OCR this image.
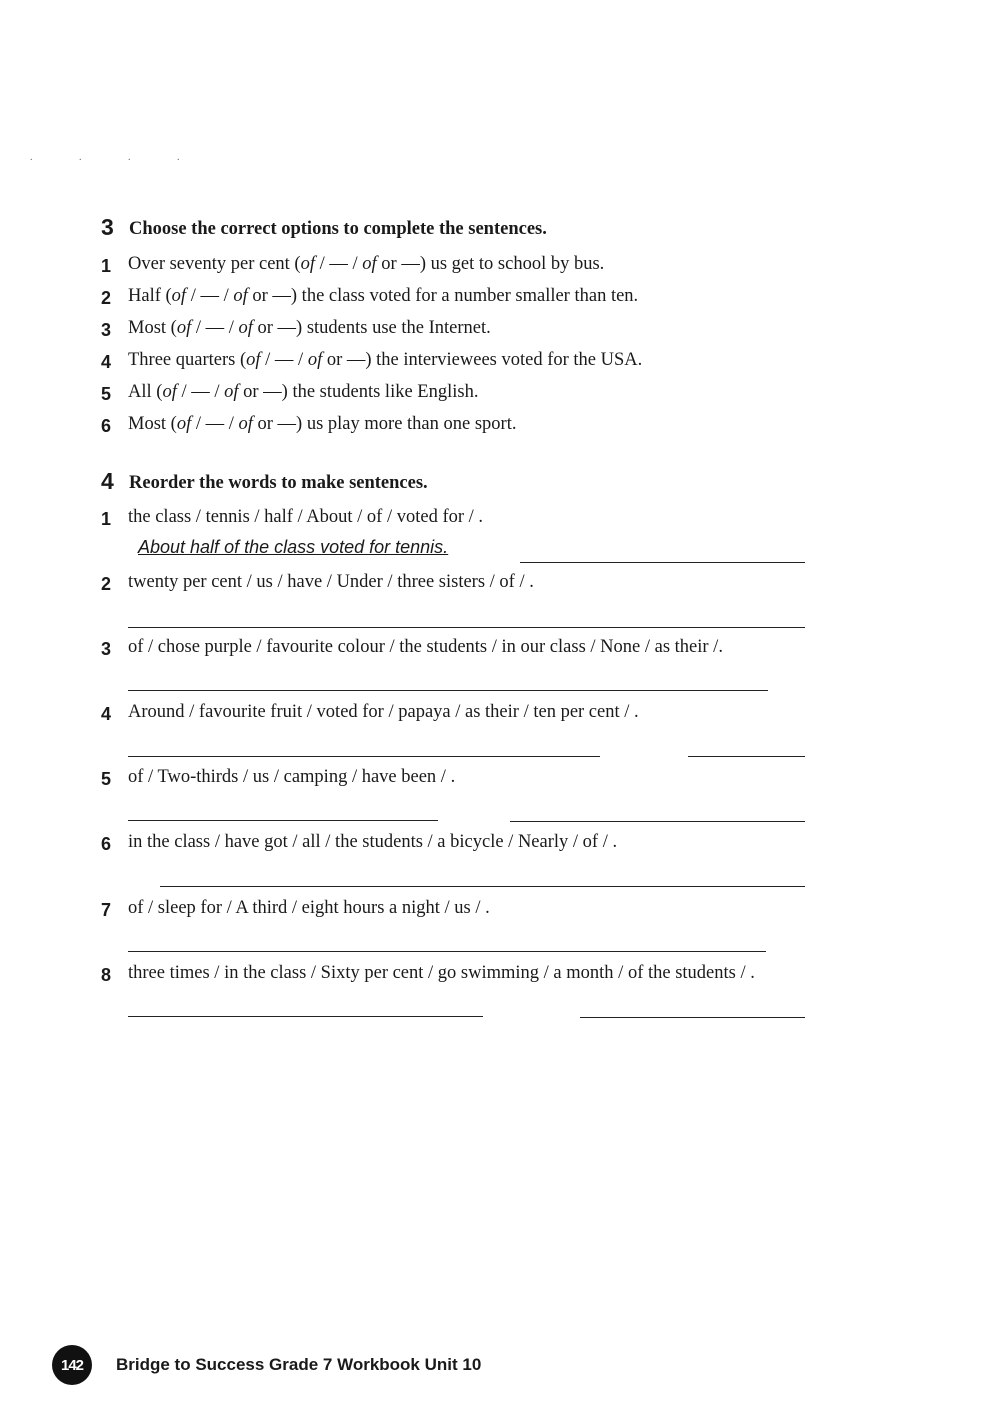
. . . .
3 Choose the correct options to complete the sentences.
1 Over seventy per cent (of / — / of or —) us get to school by bus.
2 Half (of / — / of or —) the class voted for a number smaller than ten.
3 Most (of / — / of or —) students use the Internet.
4 Three quarters (of / — / of or —) the interviewees voted for the USA.
5 All (of / — / of or —) the students like English.
6 Most (of / — / of or —) us play more than one sport.
4 Reorder the words to make sentences.
1 the class / tennis / half / About / of / voted for / .
About half of the class voted for tennis.
2 twenty per cent / us / have / Under / three sisters / of / .
3 of / chose purple / favourite colour / the students / in our class / None / as their /.
4 Around / favourite fruit / voted for / papaya / as their / ten per cent / .
5 of / Two-thirds / us / camping / have been / .
6 in the class / have got / all / the students / a bicycle / Nearly / of / .
7 of / sleep for / A third / eight hours a night / us / .
8 three times / in the class / Sixty per cent / go swimming / a month / of the students / .
142	Bridge to Success Grade 7 Workbook Unit 10
